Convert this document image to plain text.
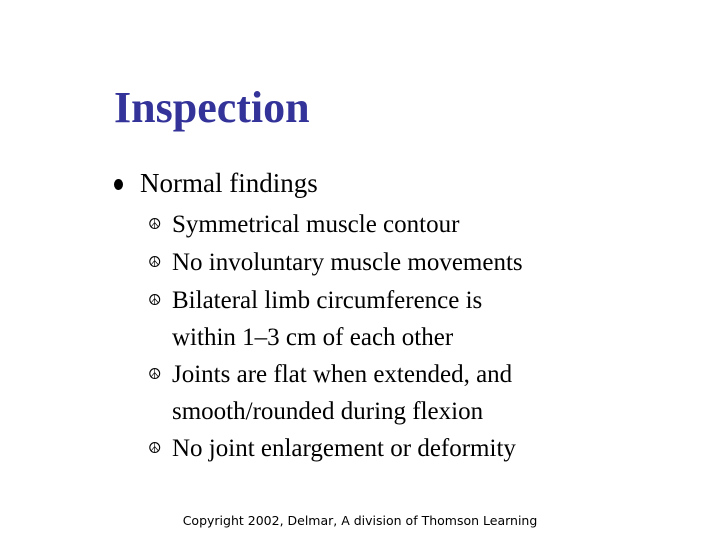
Inspection
Normal findings
☮ Symmetrical muscle contour
☮ No involuntary muscle movements
☮ Bilateral limb circumference is
within 1–3 cm of each other
☮ Joints are flat when extended, and
smooth/rounded during flexion
☮ No joint enlargement or deformity
Copyright 2002, Delmar, A division of Thomson Learning
